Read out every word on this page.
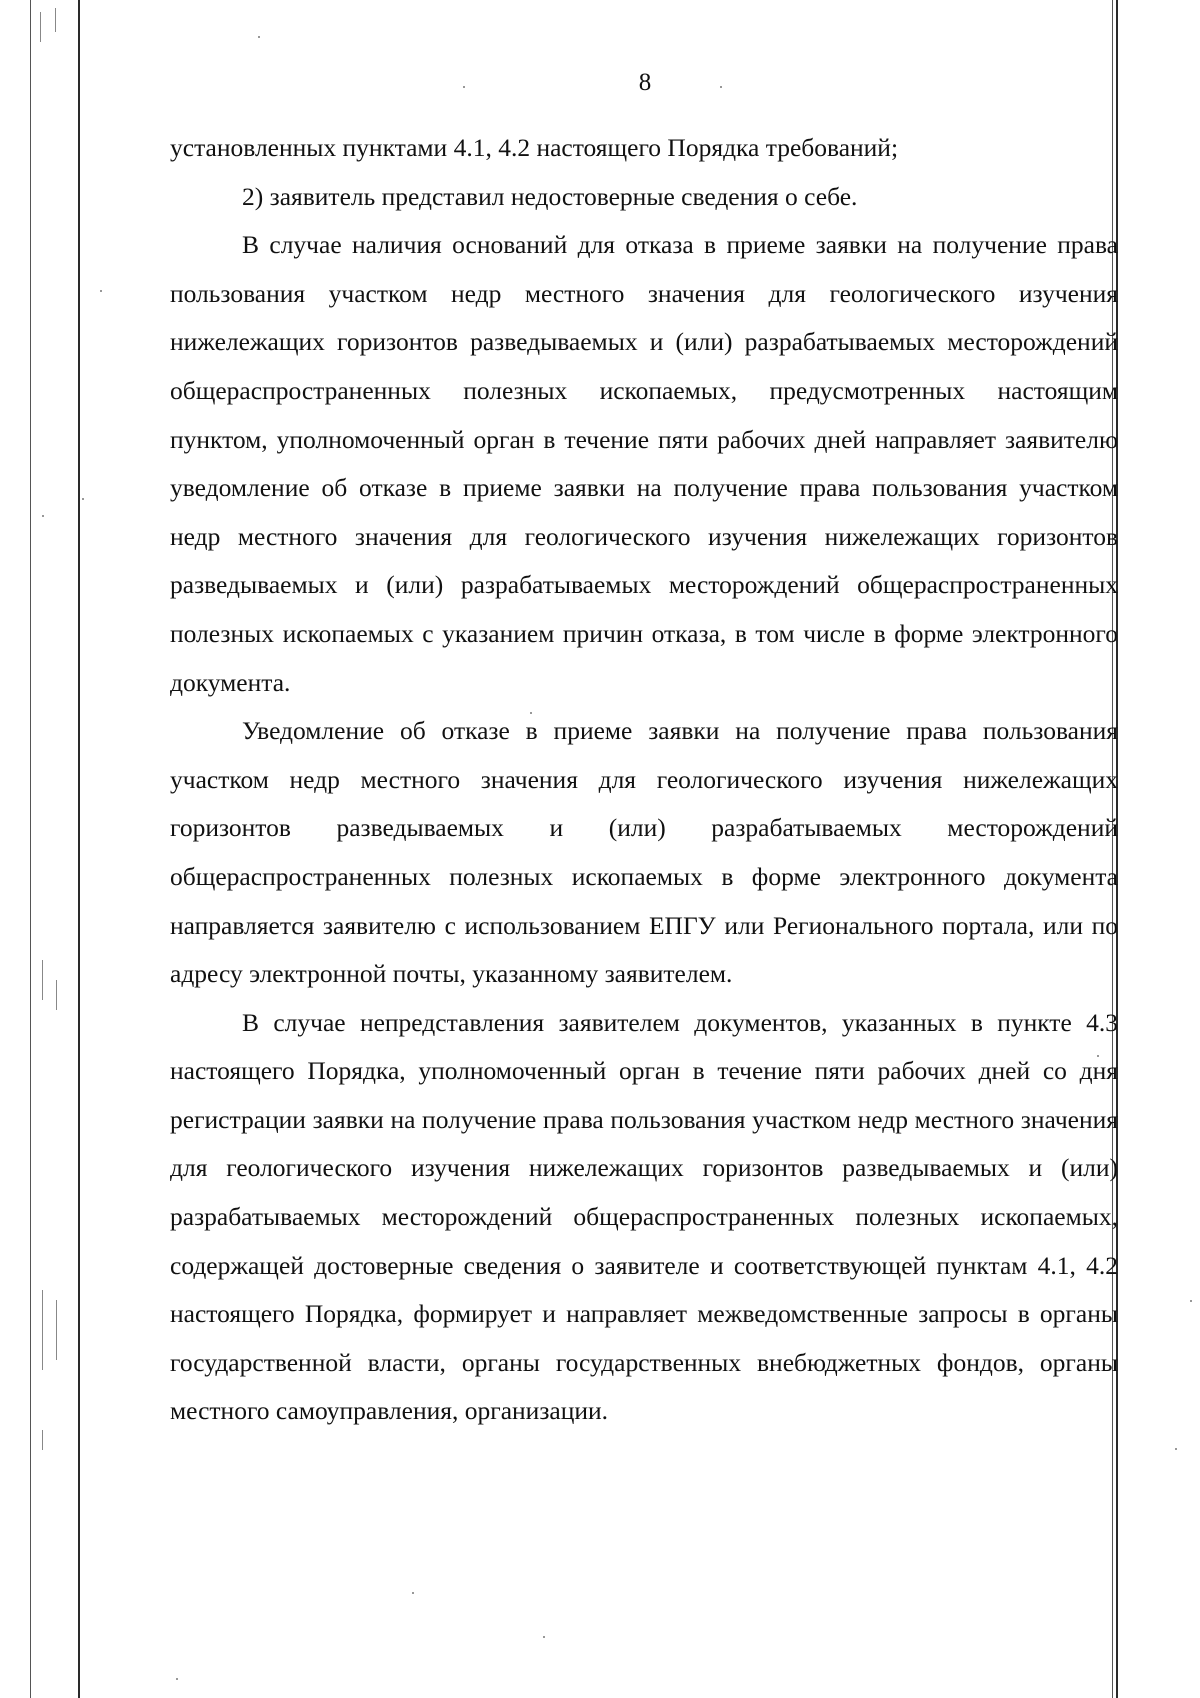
8

установленных пунктами 4.1, 4.2 настоящего Порядка требований;

2) заявитель представил недостоверные сведения о себе.

В случае наличия оснований для отказа в приеме заявки на получение права пользования участком недр местного значения для геологического изучения нижележащих горизонтов разведываемых и (или) разрабатываемых месторождений общераспространенных полезных ископаемых, предусмотренных настоящим пунктом, уполномоченный орган в течение пяти рабочих дней направляет заявителю уведомление об отказе в приеме заявки на получение права пользования участком недр местного значения для геологического изучения нижележащих горизонтов разведываемых и (или) разрабатываемых месторождений общераспространенных полезных ископаемых с указанием причин отказа, в том числе в форме электронного документа.

Уведомление об отказе в приеме заявки на получение права пользования участком недр местного значения для геологического изучения нижележащих горизонтов разведываемых и (или) разрабатываемых месторождений общераспространенных полезных ископаемых в форме электронного документа направляется заявителю с использованием ЕПГУ или Регионального портала, или по адресу электронной почты, указанному заявителем.

В случае непредставления заявителем документов, указанных в пункте 4.3 настоящего Порядка, уполномоченный орган в течение пяти рабочих дней со дня регистрации заявки на получение права пользования участком недр местного значения для геологического изучения нижележащих горизонтов разведываемых и (или) разрабатываемых месторождений общераспространенных полезных ископаемых, содержащей достоверные сведения о заявителе и соответствующей пунктам 4.1, 4.2 настоящего Порядка, формирует и направляет межведомственные запросы в органы государственной власти, органы государственных внебюджетных фондов, органы местного самоуправления, организации.
